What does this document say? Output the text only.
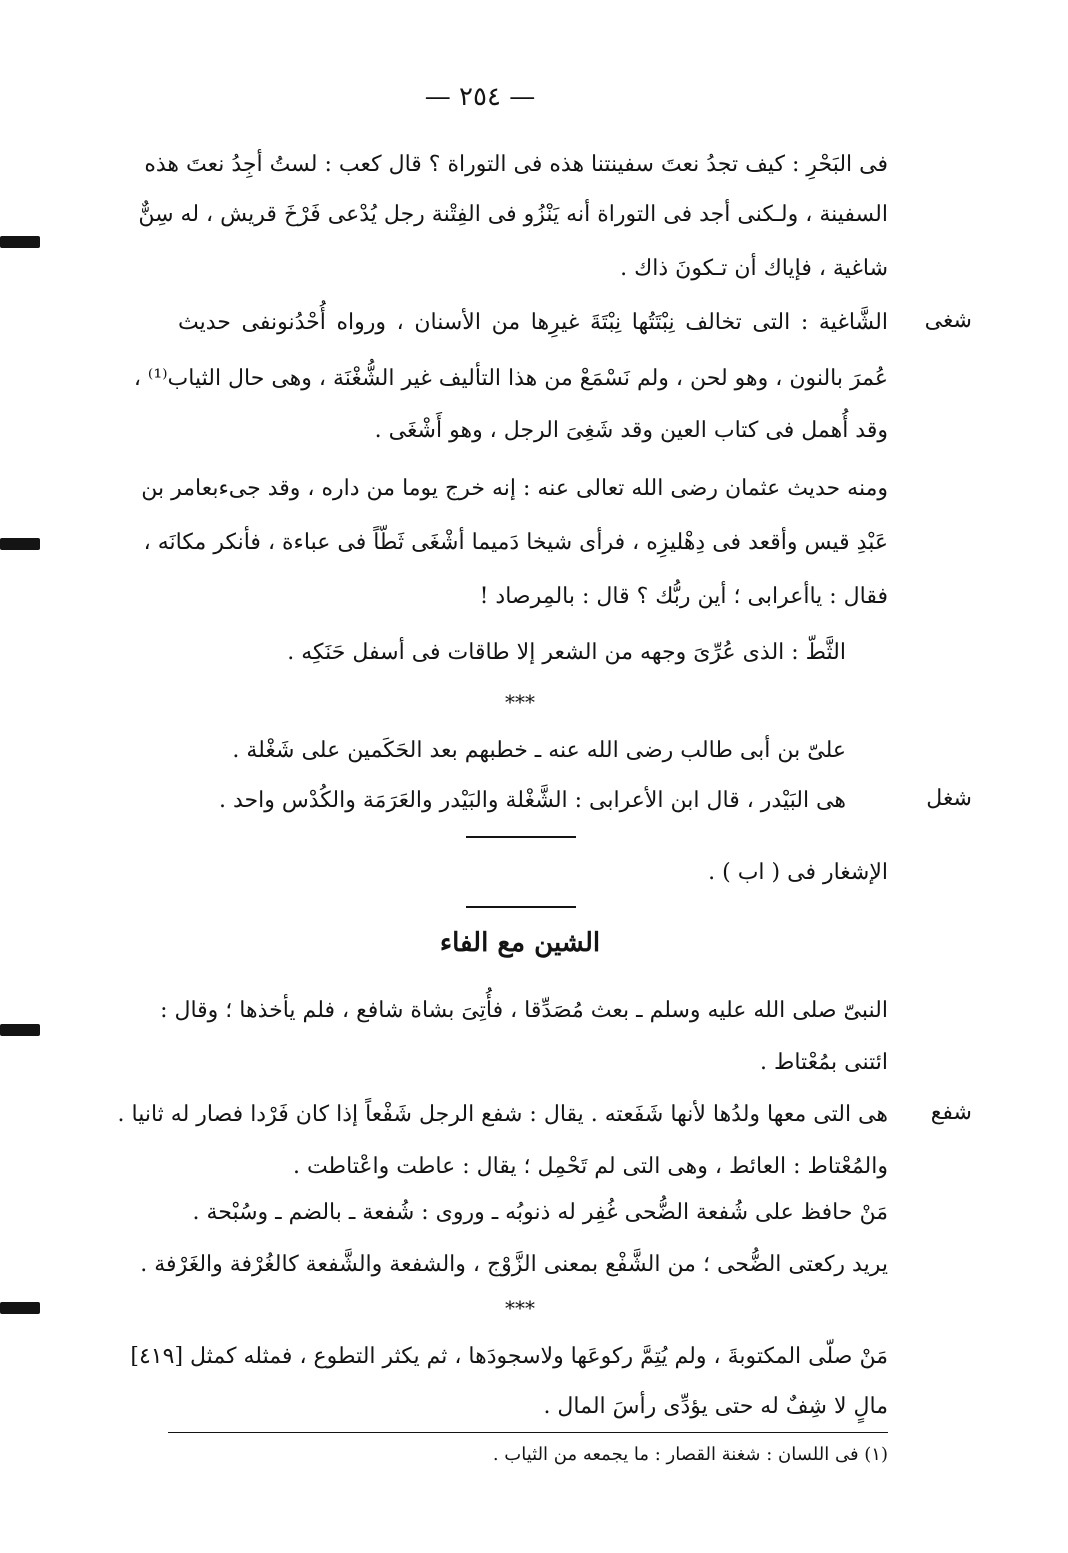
— ٢٥٤ —
فى البَحْرِ : كيف تجدُ نعتَ سفينتنا هذه فى التوراة ؟ قال كعب : لستُ أجِدُ نعتَ هذه
السفينة ، ولـكنى أجد فى التوراة أنه يَنْزُو فى الفِتْنة رجل يُدْعى فَرْخَ قريش ، له سِنٌّ
شاغية ، فإياك أن تـكونَ ذاك .
شغى
الشَّاغية : التى تخالف نِبْتَتُها نِبْتَةَ غيرِها من الأسنان ، ورواه أُحْدُنونفى حديث
عُمرَ بالنون ، وهو لحن ، ولم نَسْمَعْ من هذا التأليف غير الشُّغْنَة ، وهى حال الثياب⁽¹⁾ ،
وقد أُهمل فى كتاب العين وقد شَغِىَ الرجل ، وهو أَشْغَى .
ومنه حديث عثمان رضى الله تعالى عنه : إنه خرج يوما من داره ، وقد جىءبعامر بن
عَبْدِ قيس وأقعد فى دِهْليزِه ، فرأى شيخا دَميما أشْغَى ثَطّاً فى عباءة ، فأنكر مكانَه ،
فقال : ياأعرابى ؛ أين ربُّك ؟ قال : بالمِرصاد !
الثَّطّ : الذى عُرِّىَ وجهه من الشعر إلا طاقات فى أسفل حَنَكِه .
***
علىّ بن أبى طالب رضى الله عنه ـ خطبهم بعد الحَكَمين على شَغْلة .
شغل
هى البَيْدر ، قال ابن الأعرابى : الشَّغْلة والبَيْدر والعَرَمَة والكُدْس واحد .
الإشغار فى ( اب ) .
الشين مع الفاء
النبىّ صلى الله عليه وسلم ـ بعث مُصَدِّقا ، فأُتِىَ بشاة شافع ، فلم يأخذها ؛ وقال :
ائتنى بمُعْتاط .
شفع
هى التى معها ولدُها لأنها شَفَعته . يقال : شفع الرجل شَفْعاً إذا كان فَرْدا فصار له ثانيا .
والمُعْتاط : العائط ، وهى التى لم تَحْمِل ؛ يقال : عاطت واعْتاطت .
مَنْ حافظ على شُفعة الضُّحى غُفِر له ذنوبُه ـ وروى : شُفعة ـ بالضم ـ وسُبْحة .
يريد ركعتى الضُّحى ؛ من الشَّفْع بمعنى الزَّوْج ، والشفعة والشَّفعة كالغُرْفة والغَرْفة .
***
مَنْ صلّى المكتوبةَ ، ولم يُتِمَّ ركوعَها ولاسجودَها ، ثم يكثر التطوع ، فمثله كمثل [٤١٩]
مالٍ لا شِفٌ له حتى يؤدِّى رأسَ المال .
(١) فى اللسان : شغنة القصار : ما يجمعه من الثياب .
